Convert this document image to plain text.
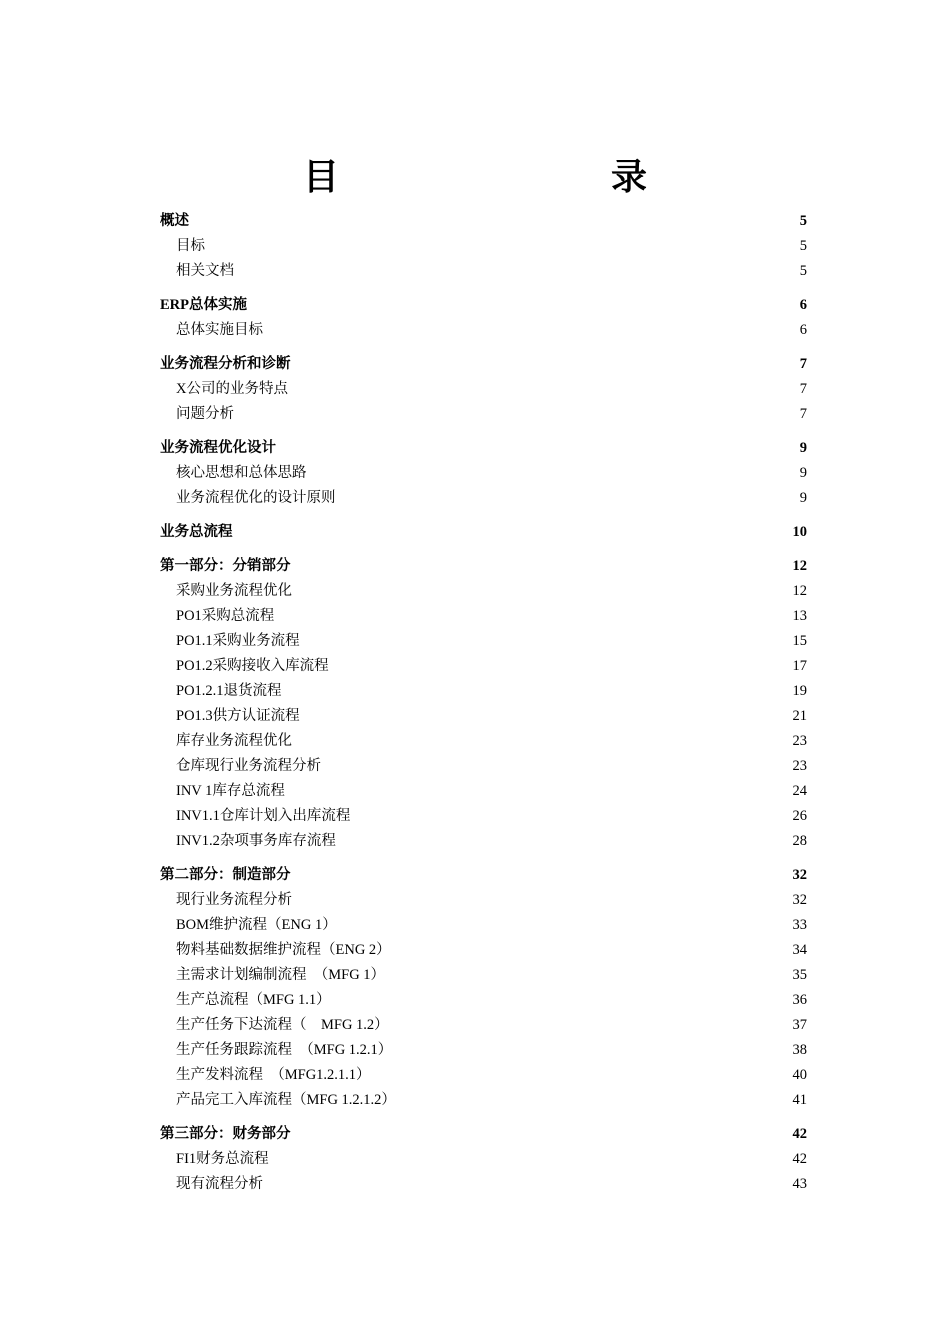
目　录
概述 .....	5
目标 .....	5
相关文档 .....	5
ERP总体实施 .....	6
总体实施目标 .....	6
业务流程分析和诊断 .....	7
X公司的业务特点 .....	7
问题分析 .....	7
业务流程优化设计 .....	9
核心思想和总体思路 .....	9
业务流程优化的设计原则 .....	9
业务总流程 .....	10
第一部分：分销部分 .....	12
采购业务流程优化 .....	12
PO1采购总流程 .....	13
PO1.1采购业务流程 .....	15
PO1.2采购接收入库流程 .....	17
PO1.2.1退货流程 .....	19
PO1.3供方认证流程 .....	21
库存业务流程优化 .....	23
仓库现行业务流程分析 .....	23
INV 1库存总流程 .....	24
INV1.1仓库计划入出库流程 .....	26
INV1.2杂项事务库存流程 .....	28
第二部分：制造部分 .....	32
现行业务流程分析 .....	32
BOM维护流程（ENG 1） .....	33
物料基础数据维护流程（ENG 2） .....	34
主需求计划编制流程　（MFG 1） .....	35
生产总流程（MFG 1.1） .....	36
生产任务下达流程（　MFG 1.2） .....	37
生产任务跟踪流程　（MFG 1.2.1） .....	38
生产发料流程　（MFG1.2.1.1） .....	40
产品完工入库流程（MFG 1.2.1.2） .....	41
第三部分：财务部分 .....	42
FI1财务总流程 .....	42
现有流程分析 .....	43
